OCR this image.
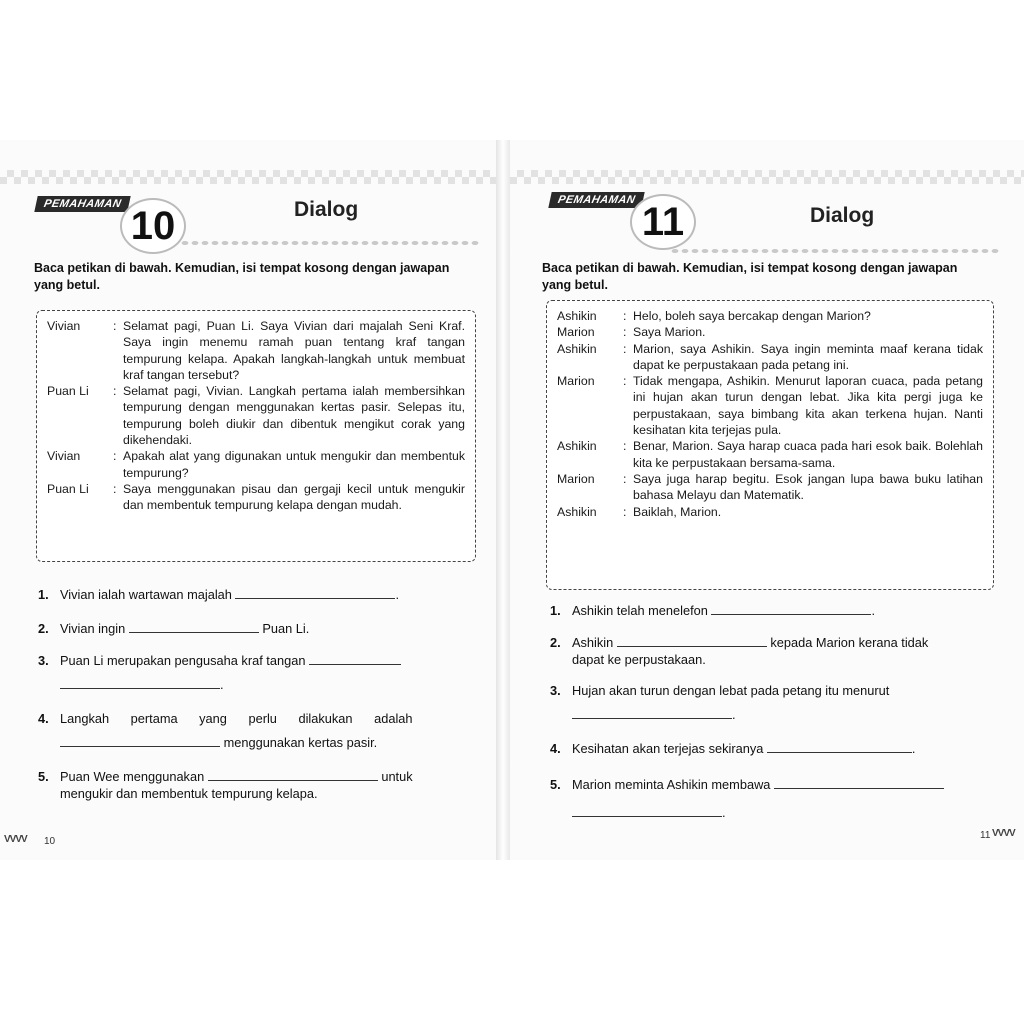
PEMAHAMAN 10	Dialog
Baca petikan di bawah. Kemudian, isi tempat kosong dengan jawapan yang betul.
Vivian	: Selamat pagi, Puan Li. Saya Vivian dari majalah Seni Kraf. Saya ingin menemu ramah puan tentang kraf tangan tempurung kelapa. Apakah langkah-langkah untuk membuat kraf tangan tersebut?
Puan Li	: Selamat pagi, Vivian. Langkah pertama ialah membersihkan tempurung dengan menggunakan kertas pasir. Selepas itu, tempurung boleh diukir dan dibentuk mengikut corak yang dikehendaki.
Vivian	: Apakah alat yang digunakan untuk mengukir dan membentuk tempurung?
Puan Li	: Saya menggunakan pisau dan gergaji kecil untuk mengukir dan membentuk tempurung kelapa dengan mudah.
1. Vivian ialah wartawan majalah	.
2. Vivian ingin	Puan Li.
3. Puan Li merupakan pengusaha kraf tangan
.
4. Langkah pertama yang perlu dilakukan adalah
menggunakan kertas pasir.
5. Puan Wee menggunakan	untuk
mengukir dan membentuk tempurung kelapa.
VVVV 10
PEMAHAMAN 11	Dialog
Baca petikan di bawah. Kemudian, isi tempat kosong dengan jawapan yang betul.
Ashikin	: Helo, boleh saya bercakap dengan Marion?
Marion	: Saya Marion.
Ashikin	: Marion, saya Ashikin. Saya ingin meminta maaf kerana tidak dapat ke perpustakaan pada petang ini.
Marion	: Tidak mengapa, Ashikin. Menurut laporan cuaca, pada petang ini hujan akan turun dengan lebat. Jika kita pergi juga ke perpustakaan, saya bimbang kita akan terkena hujan. Nanti kesihatan kita terjejas pula.
Ashikin	: Benar, Marion. Saya harap cuaca pada hari esok baik. Bolehlah kita ke perpustakaan bersama-sama.
Marion	: Saya juga harap begitu. Esok jangan lupa bawa buku latihan bahasa Melayu dan Matematik.
Ashikin	: Baiklah, Marion.
1. Ashikin telah menelefon	.
2. Ashikin	kepada Marion kerana tidak
dapat ke perpustakaan.
3. Hujan akan turun dengan lebat pada petang itu menurut
.
4. Kesihatan akan terjejas sekiranya	.
5. Marion meminta Ashikin membawa
.
11 VVVV
